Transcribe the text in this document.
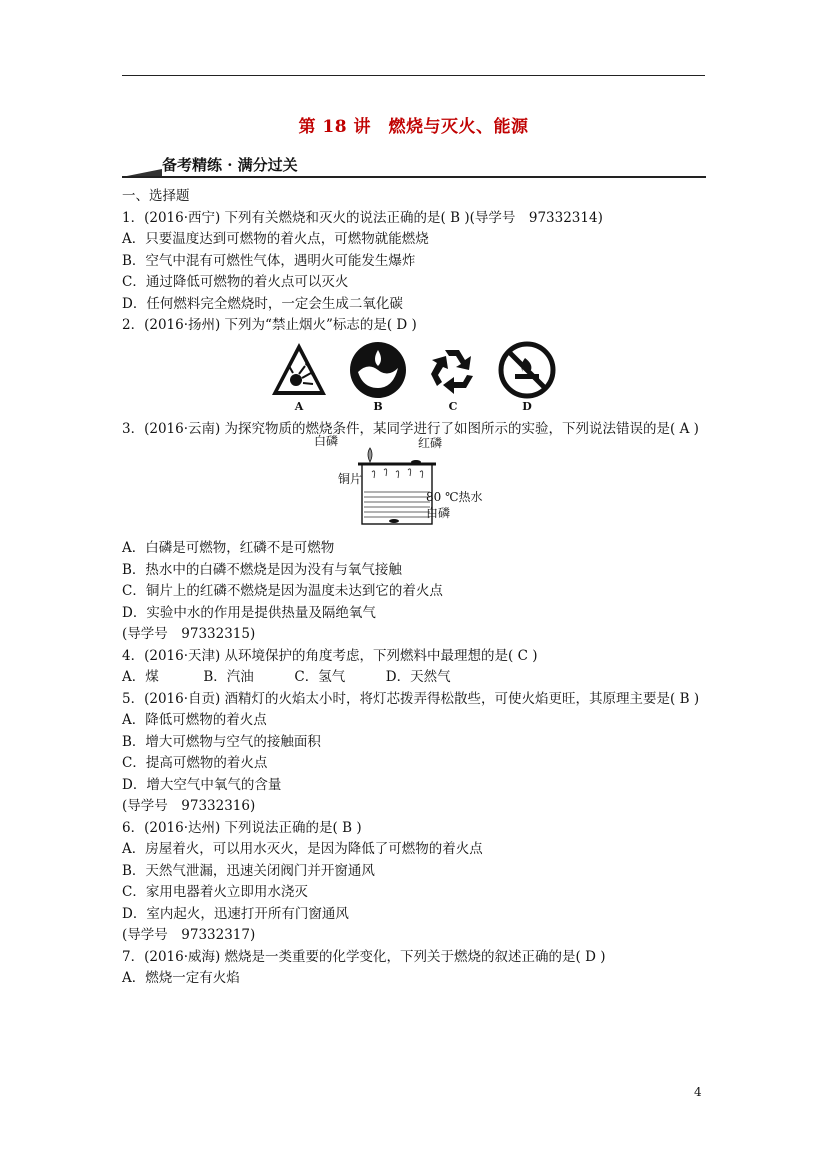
第 18 讲　燃烧与灭火、能源
备考精练 · 满分过关
一、选择题
1．(2016·西宁) 下列有关燃烧和灭火的说法正确的是( B )(导学号　97332314)
A．只要温度达到可燃物的着火点，可燃物就能燃烧
B．空气中混有可燃性气体，遇明火可能发生爆炸
C．通过降低可燃物的着火点可以灭火
D．任何燃料完全燃烧时，一定会生成二氧化碳
2．(2016·扬州) 下列为“禁止烟火”标志的是( D )
A	B	C	D
3．(2016·云南) 为探究物质的燃烧条件，某同学进行了如图所示的实验，下列说法错误的是( A )
白磷	红磷
铜片
80 ℃热水
白磷
A．白磷是可燃物，红磷不是可燃物
B．热水中的白磷不燃烧是因为没有与氧气接触
C．铜片上的红磷不燃烧是因为温度未达到它的着火点
D．实验中水的作用是提供热量及隔绝氧气
(导学号　97332315)
4．(2016·天津) 从环境保护的角度考虑，下列燃料中最理想的是( C )
A．煤	B．汽油	C．氢气	D．天然气
5．(2016·自贡) 酒精灯的火焰太小时，将灯芯拨弄得松散些，可使火焰更旺，其原理主要是( B )
A．降低可燃物的着火点
B．增大可燃物与空气的接触面积
C．提高可燃物的着火点
D．增大空气中氧气的含量
(导学号　97332316)
6．(2016·达州) 下列说法正确的是( B )
A．房屋着火，可以用水灭火，是因为降低了可燃物的着火点
B．天然气泄漏，迅速关闭阀门并开窗通风
C．家用电器着火立即用水浇灭
D．室内起火，迅速打开所有门窗通风
(导学号　97332317)
7．(2016·威海) 燃烧是一类重要的化学变化，下列关于燃烧的叙述正确的是( D )
A．燃烧一定有火焰
4
